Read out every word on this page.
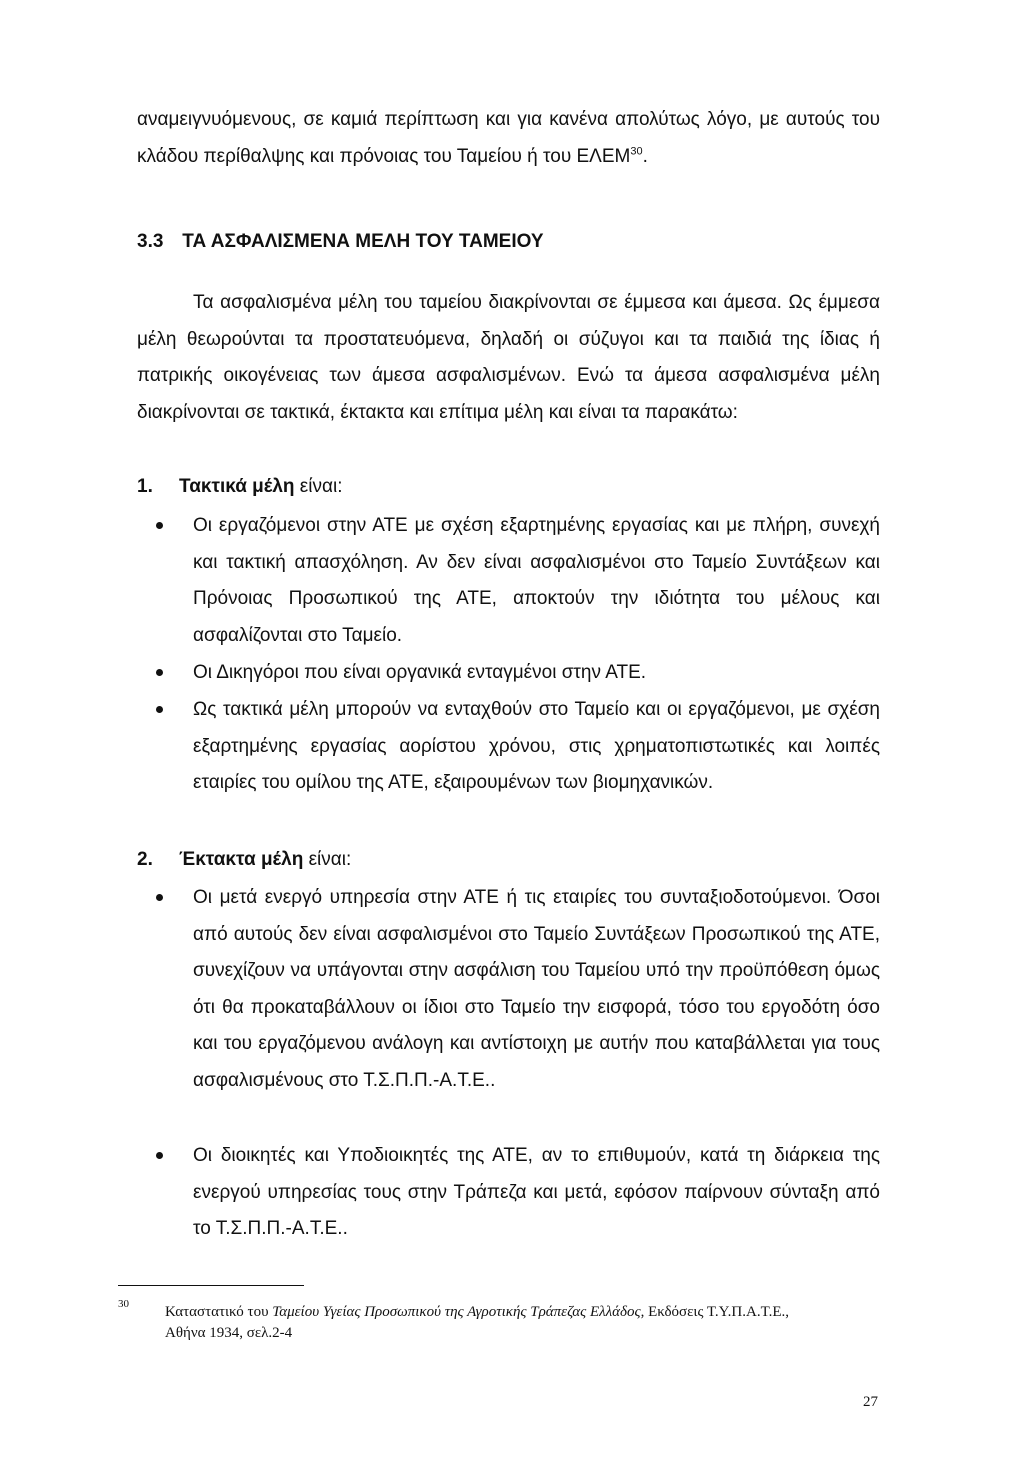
αναμειγνυόμενους, σε καμιά περίπτωση και για κανένα απολύτως λόγο, με αυτούς του κλάδου περίθαλψης και πρόνοιας του Ταμείου ή του ΕΛΕΜ$^{30}$.

3.3 ΤΑ ΑΣΦΑΛΙΣΜΕΝΑ ΜΕΛΗ ΤΟΥ ΤΑΜΕΙΟΥ

Τα ασφαλισμένα μέλη του ταμείου διακρίνονται σε έμμεσα και άμεσα. Ως έμμεσα μέλη θεωρούνται τα προστατευόμενα, δηλαδή οι σύζυγοι και τα παιδιά της ίδιας ή πατρικής οικογένειας των άμεσα ασφαλισμένων. Ενώ τα άμεσα ασφαλισμένα μέλη διακρίνονται σε τακτικά, έκτακτα και επίτιμα μέλη και είναι τα παρακάτω:

1. Τακτικά μέλη είναι:

Οι εργαζόμενοι στην ΑΤΕ με σχέση εξαρτημένης εργασίας και με πλήρη, συνεχή και τακτική απασχόληση. Αν δεν είναι ασφαλισμένοι στο Ταμείο Συντάξεων και Πρόνοιας Προσωπικού της ΑΤΕ, αποκτούν την ιδιότητα του μέλους και ασφαλίζονται στο Ταμείο.
Οι Δικηγόροι που είναι οργανικά ενταγμένοι στην ΑΤΕ.
Ως τακτικά μέλη μπορούν να ενταχθούν στο Ταμείο και οι εργαζόμενοι, με σχέση εξαρτημένης εργασίας αορίστου χρόνου, στις χρηματοπιστωτικές και λοιπές εταιρίες του ομίλου της ΑΤΕ, εξαιρουμένων των βιομηχανικών.

2. Έκτακτα μέλη είναι:

Οι μετά ενεργό υπηρεσία στην ΑΤΕ ή τις εταιρίες του συνταξιοδοτούμενοι. Όσοι από αυτούς δεν είναι ασφαλισμένοι στο Ταμείο Συντάξεων Προσωπικού της ΑΤΕ, συνεχίζουν να υπάγονται στην ασφάλιση του Ταμείου υπό την προϋπόθεση όμως ότι θα προκαταβάλλουν οι ίδιοι στο Ταμείο την εισφορά, τόσο του εργοδότη όσο και του εργαζόμενου ανάλογη και αντίστοιχη με αυτήν που καταβάλλεται για τους ασφαλισμένους στο Τ.Σ.Π.Π.-Α.Τ.Ε..
Οι διοικητές και Υποδιοικητές της ΑΤΕ, αν το επιθυμούν, κατά τη διάρκεια της ενεργού υπηρεσίας τους στην Τράπεζα και μετά, εφόσον παίρνουν σύνταξη από το Τ.Σ.Π.Π.-Α.Τ.Ε..
30 Καταστατικό του Ταμείου Υγείας Προσωπικού της Αγροτικής Τράπεζας Ελλάδος, Εκδόσεις Τ.Υ.Π.Α.Τ.Ε., Αθήνα 1934, σελ.2-4

27
